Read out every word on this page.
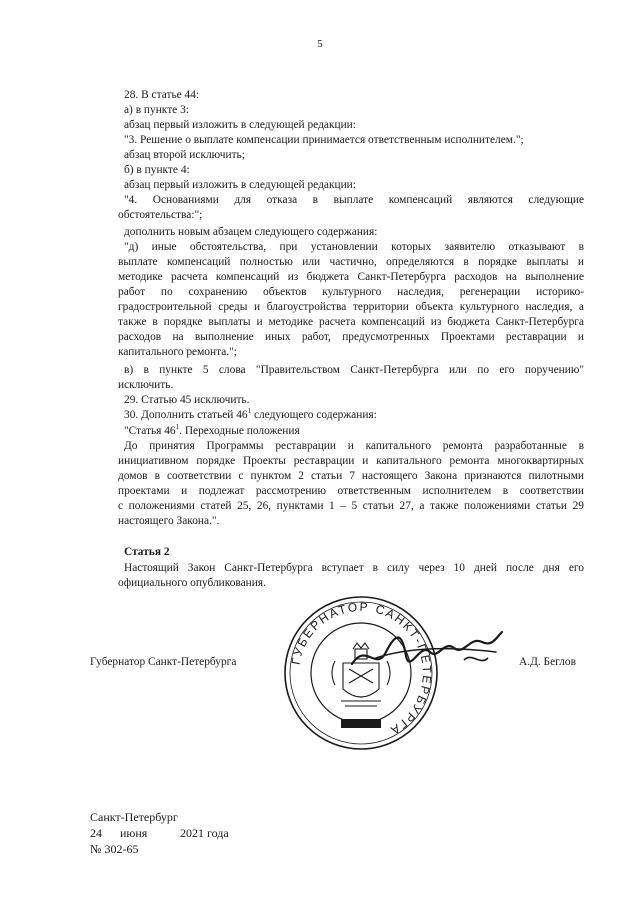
5
28. В статье 44:
а) в пункте 3:
абзац первый изложить в следующей редакции:
"3. Решение о выплате компенсации принимается ответственным исполнителем.";
абзац второй исключить;
б) в пункте 4:
абзац первый изложить в следующей редакции:
"4. Основаниями для отказа в выплате компенсаций являются следующие
обстоятельства:";
дополнить новым абзацем следующего содержания:
"д) иные обстоятельства, при установлении которых заявителю отказывают в
выплате компенсаций полностью или частично, определяются в порядке выплаты и
методике расчета компенсаций из бюджета Санкт-Петербурга расходов на выполнение
работ по сохранению объектов культурного наследия, регенерации историко-
градостроительной среды и благоустройства территории объекта культурного наследия, а
также в порядке выплаты и методике расчета компенсаций из бюджета Санкт-Петербурга
расходов на выполнение иных работ, предусмотренных Проектами реставрации и
капитального ремонта.";
в) в пункте 5 слова "Правительством Санкт-Петербурга или по его поручению"
исключить.
29. Статью 45 исключить.
30. Дополнить статьей $46^1$ следующего содержания:
"Статья $46^1$. Переходные положения
До принятия Программы реставрации и капитального ремонта разработанные в
инициативном порядке Проекты реставрации и капитального ремонта многоквартирных
домов в соответствии с пунктом 2 статьи 7 настоящего Закона признаются пилотными
проектами и подлежат рассмотрению ответственным исполнителем в соответствии
с положениями статей 25, 26, пунктами 1 – 5 статьи 27, а также положениями статьи 29
настоящего Закона.".
Статья 2
Настоящий Закон Санкт-Петербурга вступает в силу через 10 дней после дня его
официального опубликования.
Губернатор Санкт-Петербурга	А.Д. Беглов
ГУБЕРНАТОР САНКТ-ПЕТЕРБУРГА
Санкт-Петербург
24 июня	2021 года
№ 302-65
